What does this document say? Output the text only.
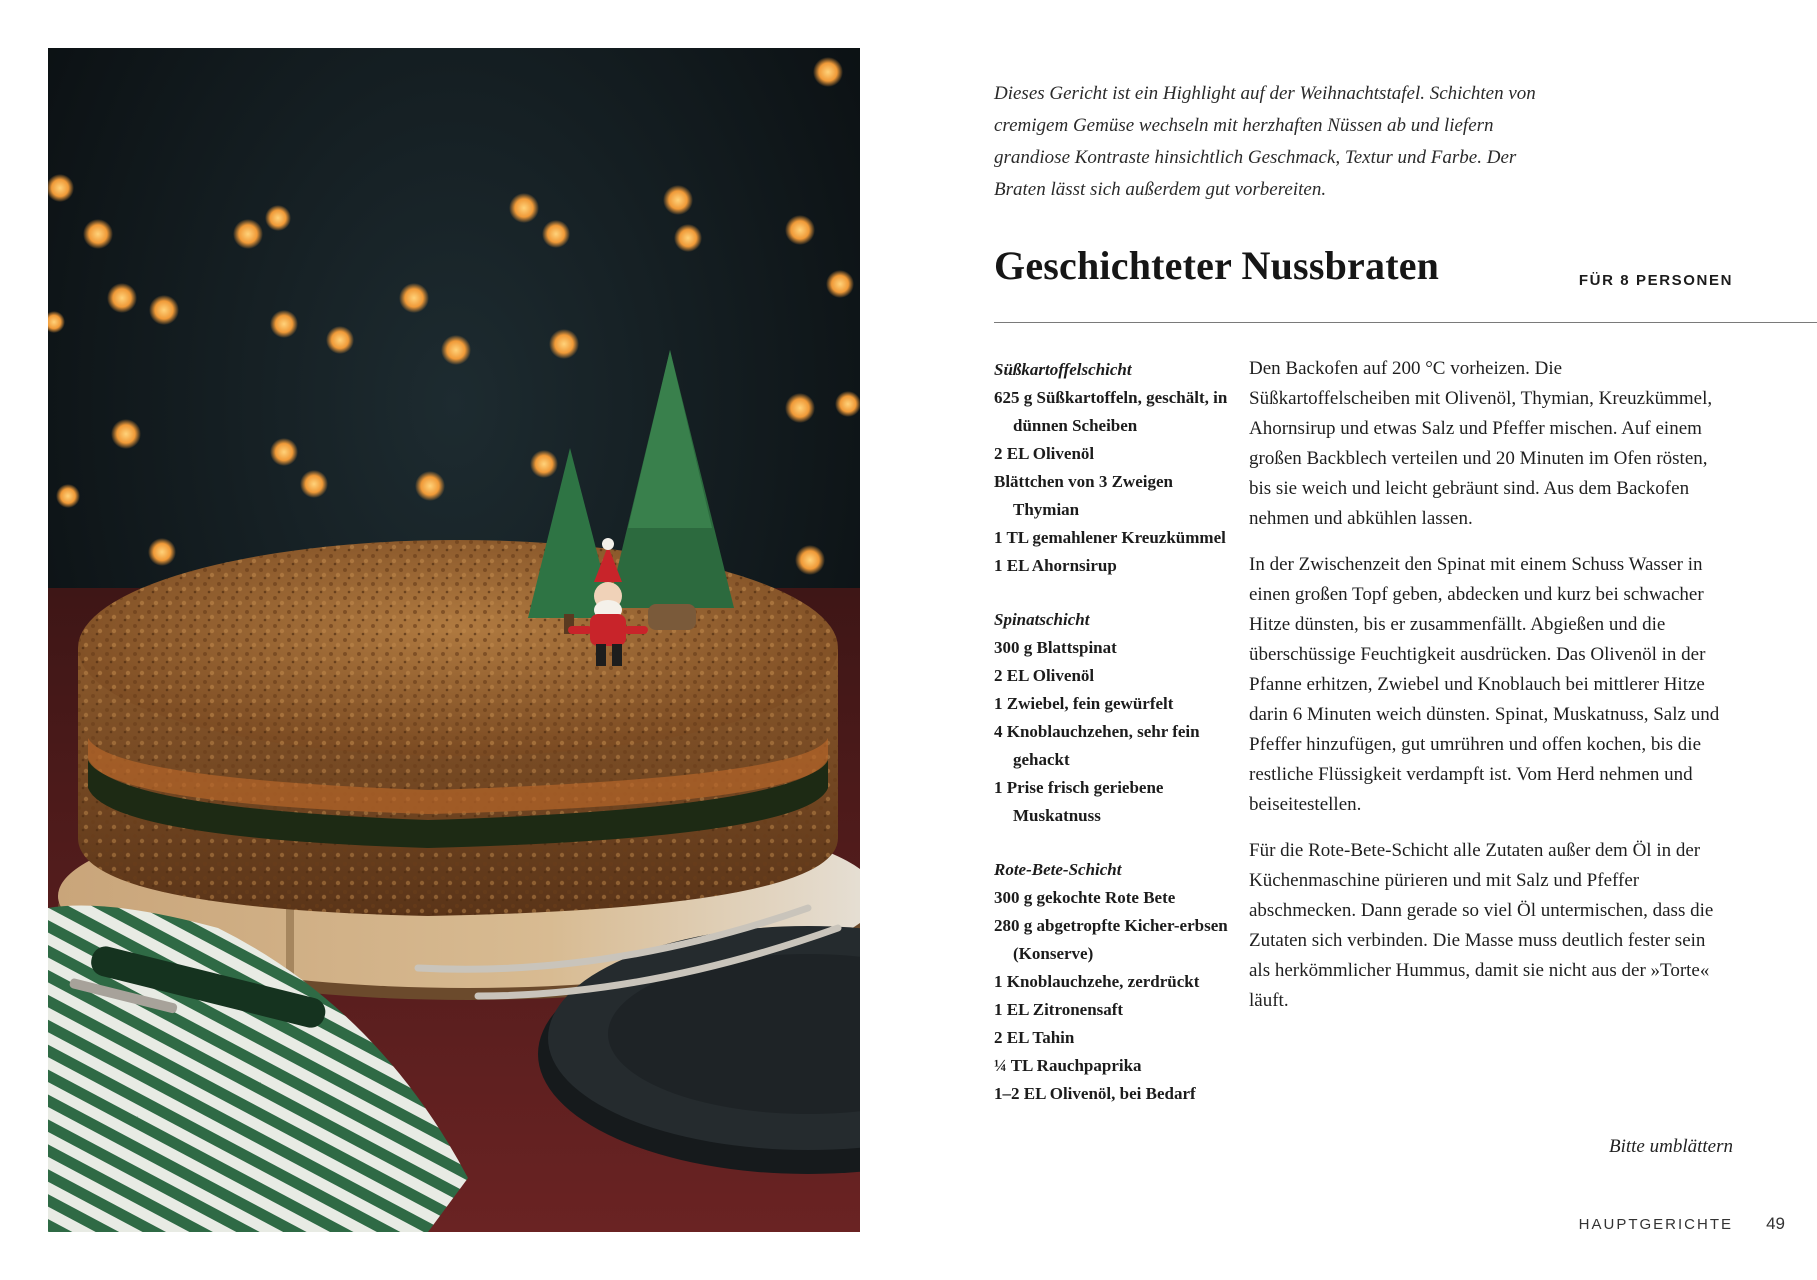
Dieses Gericht ist ein Highlight auf der Weihnachtstafel. Schichten von cremigem Gemüse wechseln mit herzhaften Nüssen ab und liefern grandiose Kontraste hinsichtlich Geschmack, Textur und Farbe. Der Braten lässt sich außerdem gut vorbereiten.

Geschichteter Nussbraten	FÜR 8 PERSONEN

Süßkartoffelschicht
625 g Süßkartoffeln, geschält, in dünnen Scheiben
2 EL Olivenöl
Blättchen von 3 Zweigen Thymian
1 TL gemahlener Kreuzkümmel
1 EL Ahornsirup
Spinatschicht
300 g Blattspinat
2 EL Olivenöl
1 Zwiebel, fein gewürfelt
4 Knoblauchzehen, sehr fein gehackt
1 Prise frisch geriebene Muskatnuss
Rote-Bete-Schicht
300 g gekochte Rote Bete
280 g abgetropfte Kicher-erbsen (Konserve)
1 Knoblauchzehe, zerdrückt
1 EL Zitronensaft
2 EL Tahin
¼ TL Rauchpaprika
1–2 EL Olivenöl, bei Bedarf

Den Backofen auf 200 °C vorheizen. Die Süßkartoffelscheiben mit Olivenöl, Thymian, Kreuzkümmel, Ahornsirup und etwas Salz und Pfeffer mischen. Auf einem großen Backblech verteilen und 20 Minuten im Ofen rösten, bis sie weich und leicht gebräunt sind. Aus dem Backofen nehmen und abkühlen lassen.

In der Zwischenzeit den Spinat mit einem Schuss Wasser in einen großen Topf geben, abdecken und kurz bei schwacher Hitze dünsten, bis er zusammenfällt. Abgießen und die überschüssige Feuchtigkeit ausdrücken. Das Olivenöl in der Pfanne erhitzen, Zwiebel und Knoblauch bei mittlerer Hitze darin 6 Minuten weich dünsten. Spinat, Muskatnuss, Salz und Pfeffer hinzufügen, gut umrühren und offen kochen, bis die restliche Flüssigkeit verdampft ist. Vom Herd nehmen und beiseitestellen.

Für die Rote-Bete-Schicht alle Zutaten außer dem Öl in der Küchenmaschine pürieren und mit Salz und Pfeffer abschmecken. Dann gerade so viel Öl untermischen, dass die Zutaten sich verbinden. Die Masse muss deutlich fester sein als herkömmlicher Hummus, damit sie nicht aus der »Torte« läuft.

Bitte umblättern

HAUPTGERICHTE 49
